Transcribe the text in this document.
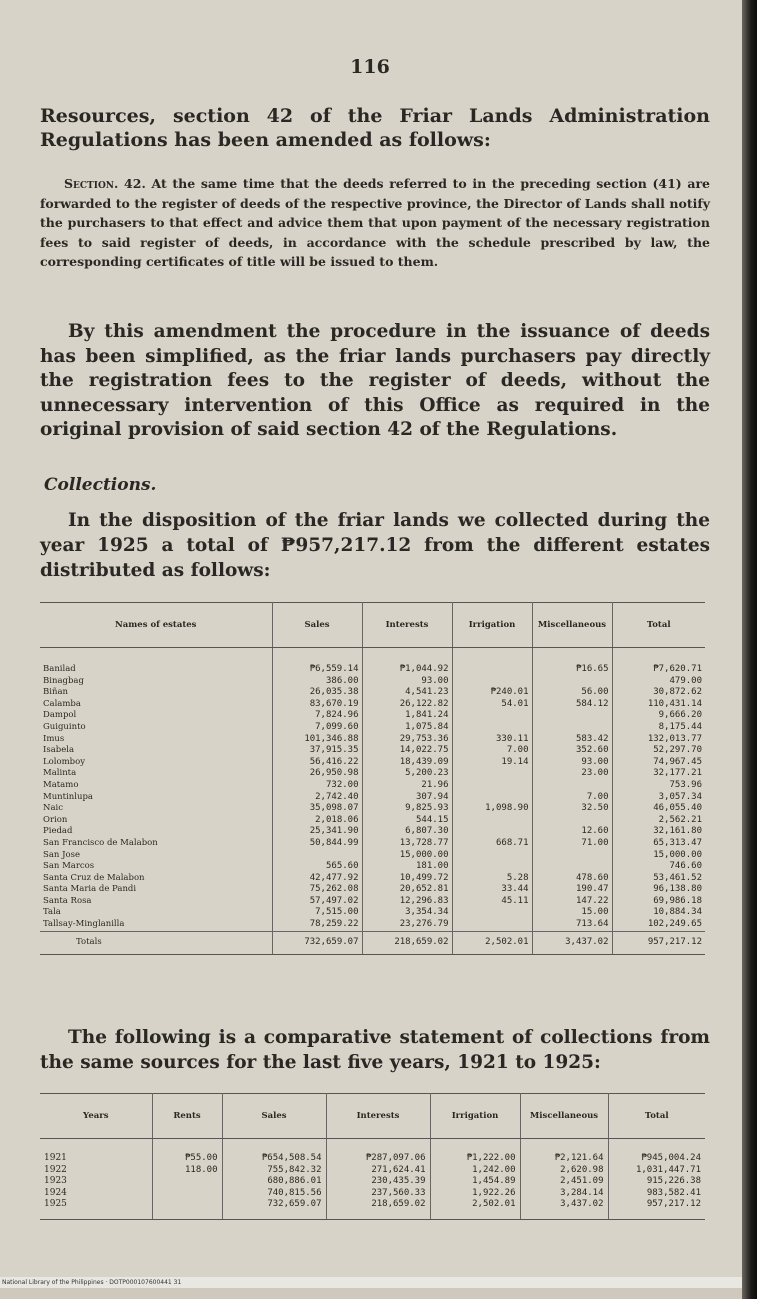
116

Resources, section 42 of the Friar Lands Administration Regulations has been amended as follows:

Section. 42. At the same time that the deeds referred to in the preceding section (41) are forwarded to the register of deeds of the respective province, the Director of Lands shall notify the purchasers to that effect and advice them that upon payment of the necessary registration fees to said register of deeds, in accordance with the schedule prescribed by law, the corresponding certificates of title will be issued to them.

By this amendment the procedure in the issuance of deeds has been simplified, as the friar lands purchasers pay directly the registration fees to the register of deeds, without the unnecessary intervention of this Office as required in the original provision of said section 42 of the Regulations.

Collections.

In the disposition of the friar lands we collected during the year 1925 a total of ₱957,217.12 from the different estates distributed as follows:

Names of estates	Sales	Interests	Irrigation	Miscellaneous	Total
Banilad	₱6,559.14	₱1,044.92		₱16.65	₱7,620.71
Binagbag	386.00	93.00			479.00
Biñan	26,035.38	4,541.23	₱240.01	56.00	30,872.62
Calamba	83,670.19	26,122.82	54.01	584.12	110,431.14
Dampol	7,824.96	1,841.24			9,666.20
Guiguinto	7,099.60	1,075.84			8,175.44
Imus	101,346.88	29,753.36	330.11	583.42	132,013.77
Isabela	37,915.35	14,022.75	7.00	352.60	52,297.70
Lolomboy	56,416.22	18,439.09	19.14	93.00	74,967.45
Malinta	26,950.98	5,200.23		23.00	32,177.21
Matamo	732.00	21.96			753.96
Muntinlupa	2,742.40	307.94		7.00	3,057.34
Naic	35,098.07	9,825.93	1,098.90	32.50	46,055.40
Orion	2,018.06	544.15			2,562.21
Piedad	25,341.90	6,807.30		12.60	32,161.80
San Francisco de Malabon	50,844.99	13,728.77	668.71	71.00	65,313.47
San Jose		15,000.00			15,000.00
San Marcos	565.60	181.00			746.60
Santa Cruz de Malabon	42,477.92	10,499.72	5.28	478.60	53,461.52
Santa Maria de Pandi	75,262.08	20,652.81	33.44	190.47	96,138.80
Santa Rosa	57,497.02	12,296.83	45.11	147.22	69,986.18
Tala	7,515.00	3,354.34		15.00	10,884.34
Tallsay-Minglanilla	78,259.22	23,276.79		713.64	102,249.65
Totals	732,659.07	218,659.02	2,502.01	3,437.02	957,217.12

The following is a comparative statement of collections from the same sources for the last five years, 1921 to 1925:

Years	Rents	Sales	Interests	Irrigation	Miscellaneous	Total
1921	₱55.00	₱654,508.54	₱287,097.06	₱1,222.00	₱2,121.64	₱945,004.24
1922	118.00	755,842.32	271,624.41	1,242.00	2,620.98	1,031,447.71
1923		680,886.01	230,435.39	1,454.89	2,451.09	915,226.38
1924		740,815.56	237,560.33	1,922.26	3,284.14	983,582.41
1925		732,659.07	218,659.02	2,502.01	3,437.02	957,217.12
National Library of the Philippines · DOTP000107600441 31
